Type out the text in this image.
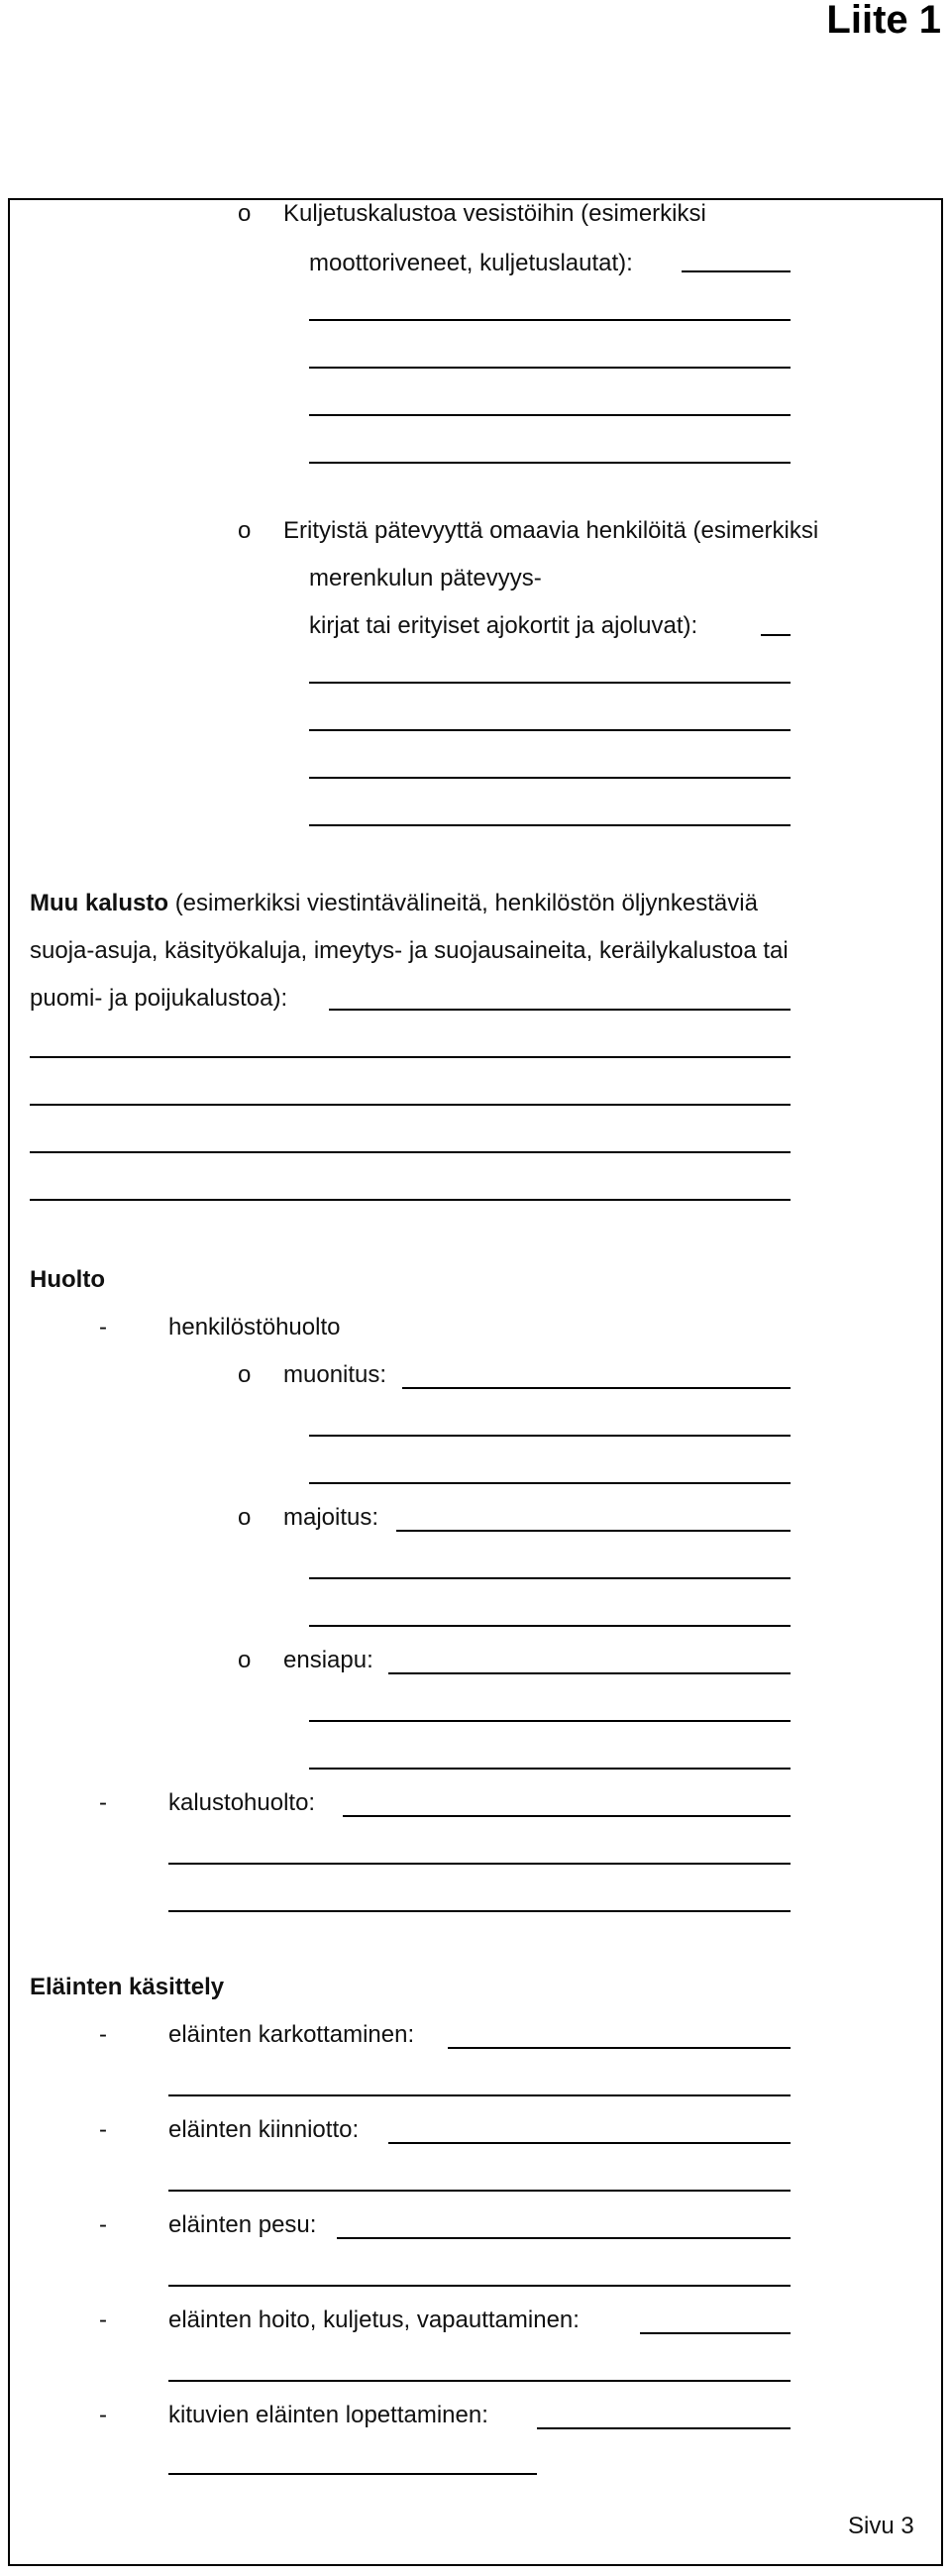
Liite 1
o Kuljetuskalustoa vesistöihin (esimerkiksi
moottoriveneet, kuljetuslautat):
o Erityistä pätevyyttä omaavia henkilöitä (esimerkiksi
merenkulun pätevyys-
kirjat tai erityiset ajokortit ja ajoluvat):
Muu kalusto (esimerkiksi viestintävälineitä, henkilöstön öljynkestäviä
suoja-asuja, käsityökaluja, imeytys- ja suojausaineita, keräilykalustoa tai
puomi- ja poijukalustoa):
Huolto
-	henkilöstöhuolto
o muonitus:
o majoitus:
o ensiapu:
-	kalustohuolto:
Eläinten käsittely
-	eläinten karkottaminen:
-	eläinten kiinniotto:
-	eläinten pesu:
-	eläinten hoito, kuljetus, vapauttaminen:
-	kituvien eläinten lopettaminen:
Sivu 3
